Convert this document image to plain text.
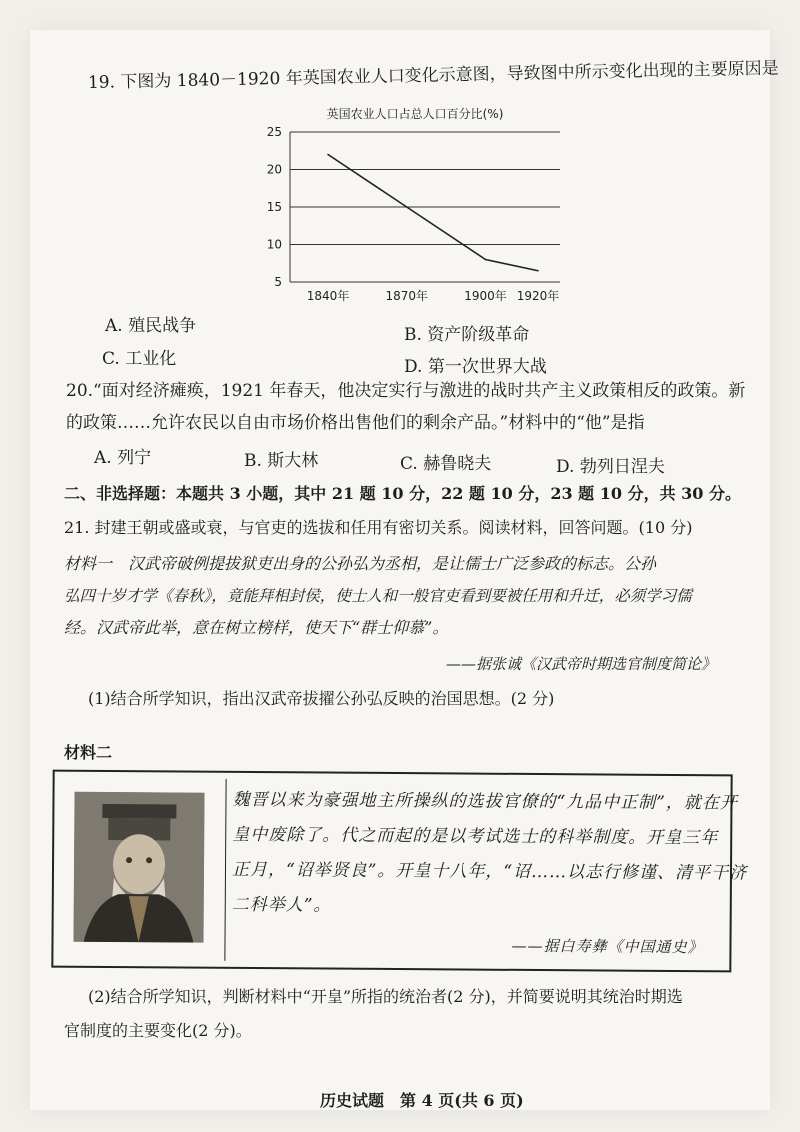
19. 下图为 1840－1920 年英国农业人口变化示意图，导致图中所示变化出现的主要原因是
英国农业人口占总人口百分比(%)
25
20
15
10
5
1840年	1870年	1900年 1920年
A. 殖民战争	B. 资产阶级革命
C. 工业化	D. 第一次世界大战
20.“面对经济瘫痪，1921 年春天，他决定实行与激进的战时共产主义政策相反的政策。新
的政策……允许农民以自由市场价格出售他们的剩余产品。”材料中的“他”是指
A. 列宁	B. 斯大林	C. 赫鲁晓夫	D. 勃列日涅夫
二、非选择题：本题共 3 小题，其中 21 题 10 分，22 题 10 分，23 题 10 分，共 30 分。
21. 封建王朝或盛或衰，与官吏的选拔和任用有密切关系。阅读材料，回答问题。(10 分)
材料一　汉武帝破例提拔狱吏出身的公孙弘为丞相，是让儒士广泛参政的标志。公孙
弘四十岁才学《春秋》，竟能拜相封侯，使士人和一般官吏看到要被任用和升迁，必须学习儒
经。汉武帝此举，意在树立榜样，使天下“群士仰慕”。
——据张诚《汉武帝时期选官制度简论》
(1)结合所学知识，指出汉武帝拔擢公孙弘反映的治国思想。(2 分)
材料二
魏晋以来为豪强地主所操纵的选拔官僚的“九品中正制”，就在开
皇中废除了。代之而起的是以考试选士的科举制度。开皇三年
正月，“诏举贤良”。开皇十八年，“诏……以志行修谨、清平干济
二科举人”。
——据白寿彝《中国通史》
(2)结合所学知识，判断材料中“开皇”所指的统治者(2 分)，并简要说明其统治时期选
官制度的主要变化(2 分)。
历史试题　第 4 页(共 6 页)
